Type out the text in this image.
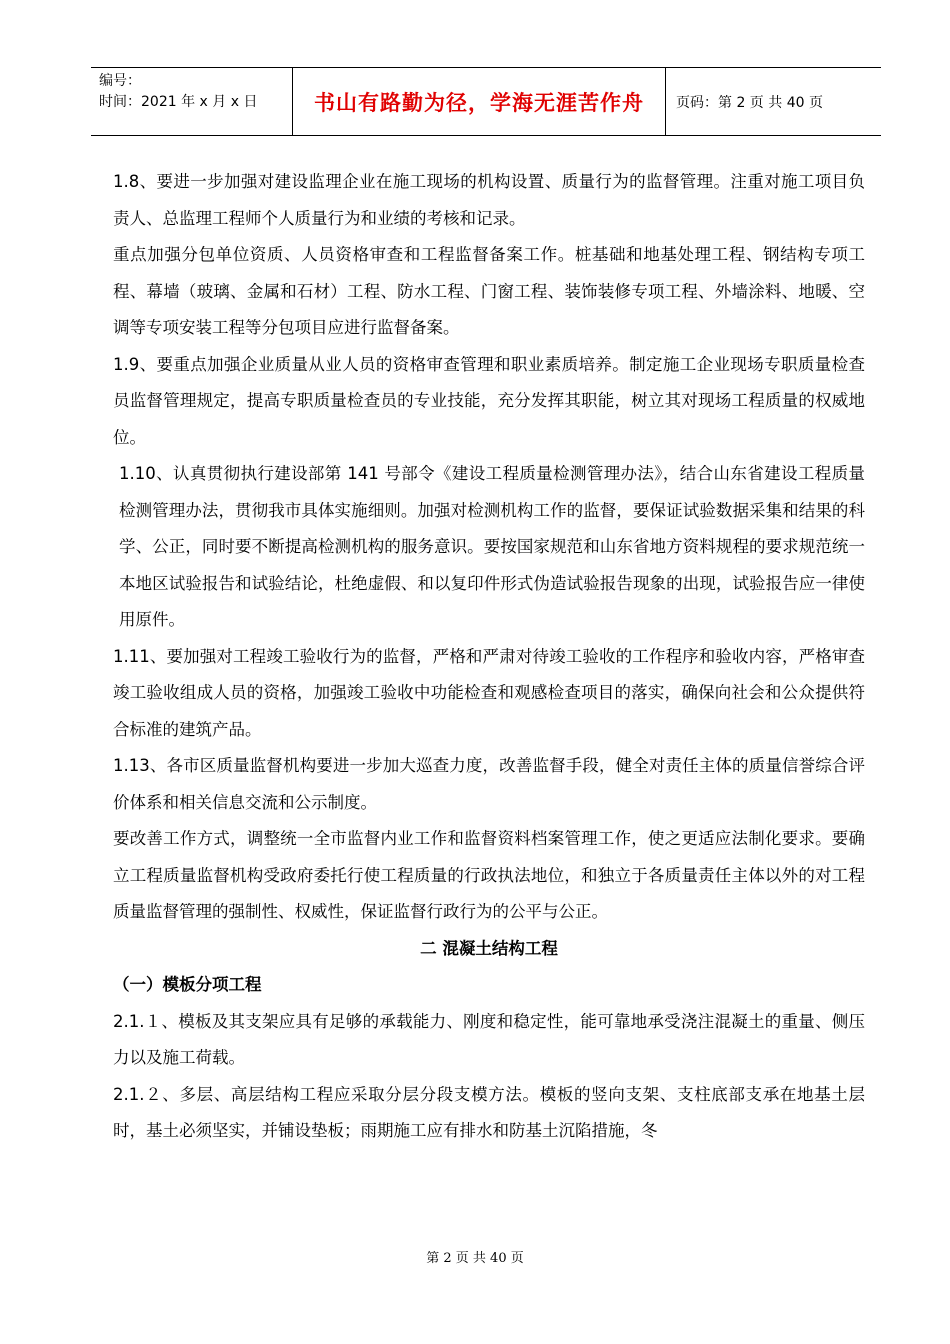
编号：
时间：2021 年 x 月 x 日	书山有路勤为径，学海无涯苦作舟	页码：第 2 页 共 40 页

1.8、要进一步加强对建设监理企业在施工现场的机构设置、质量行为的监督管理。注重对施工项目负责人、总监理工程师个人质量行为和业绩的考核和记录。

重点加强分包单位资质、人员资格审查和工程监督备案工作。桩基础和地基处理工程、钢结构专项工程、幕墙（玻璃、金属和石材）工程、防水工程、门窗工程、装饰装修专项工程、外墙涂料、地暖、空调等专项安装工程等分包项目应进行监督备案。

1.9、要重点加强企业质量从业人员的资格审查管理和职业素质培养。制定施工企业现场专职质量检查员监督管理规定，提高专职质量检查员的专业技能，充分发挥其职能，树立其对现场工程质量的权威地位。

1.10、认真贯彻执行建设部第 141 号部令《建设工程质量检测管理办法》，结合山东省建设工程质量检测管理办法，贯彻我市具体实施细则。加强对检测机构工作的监督，要保证试验数据采集和结果的科学、公正，同时要不断提高检测机构的服务意识。要按国家规范和山东省地方资料规程的要求规范统一本地区试验报告和试验结论，杜绝虚假、和以复印件形式伪造试验报告现象的出现，试验报告应一律使用原件。

1.11、要加强对工程竣工验收行为的监督，严格和严肃对待竣工验收的工作程序和验收内容，严格审查竣工验收组成人员的资格，加强竣工验收中功能检查和观感检查项目的落实，确保向社会和公众提供符合标准的建筑产品。

1.13、各市区质量监督机构要进一步加大巡查力度，改善监督手段，健全对责任主体的质量信誉综合评价体系和相关信息交流和公示制度。

要改善工作方式，调整统一全市监督内业工作和监督资料档案管理工作，使之更适应法制化要求。要确立工程质量监督机构受政府委托行使工程质量的行政执法地位，和独立于各质量责任主体以外的对工程质量监督管理的强制性、权威性，保证监督行政行为的公平与公正。

二 混凝土结构工程

（一）模板分项工程

2.1.１、模板及其支架应具有足够的承载能力、刚度和稳定性，能可靠地承受浇注混凝土的重量、侧压力以及施工荷载。

2.1.２、多层、高层结构工程应采取分层分段支模方法。模板的竖向支架、支柱底部支承在地基土层时，基土必须坚实，并铺设垫板；雨期施工应有排水和防基土沉陷措施，冬

第 2 页 共 40 页
